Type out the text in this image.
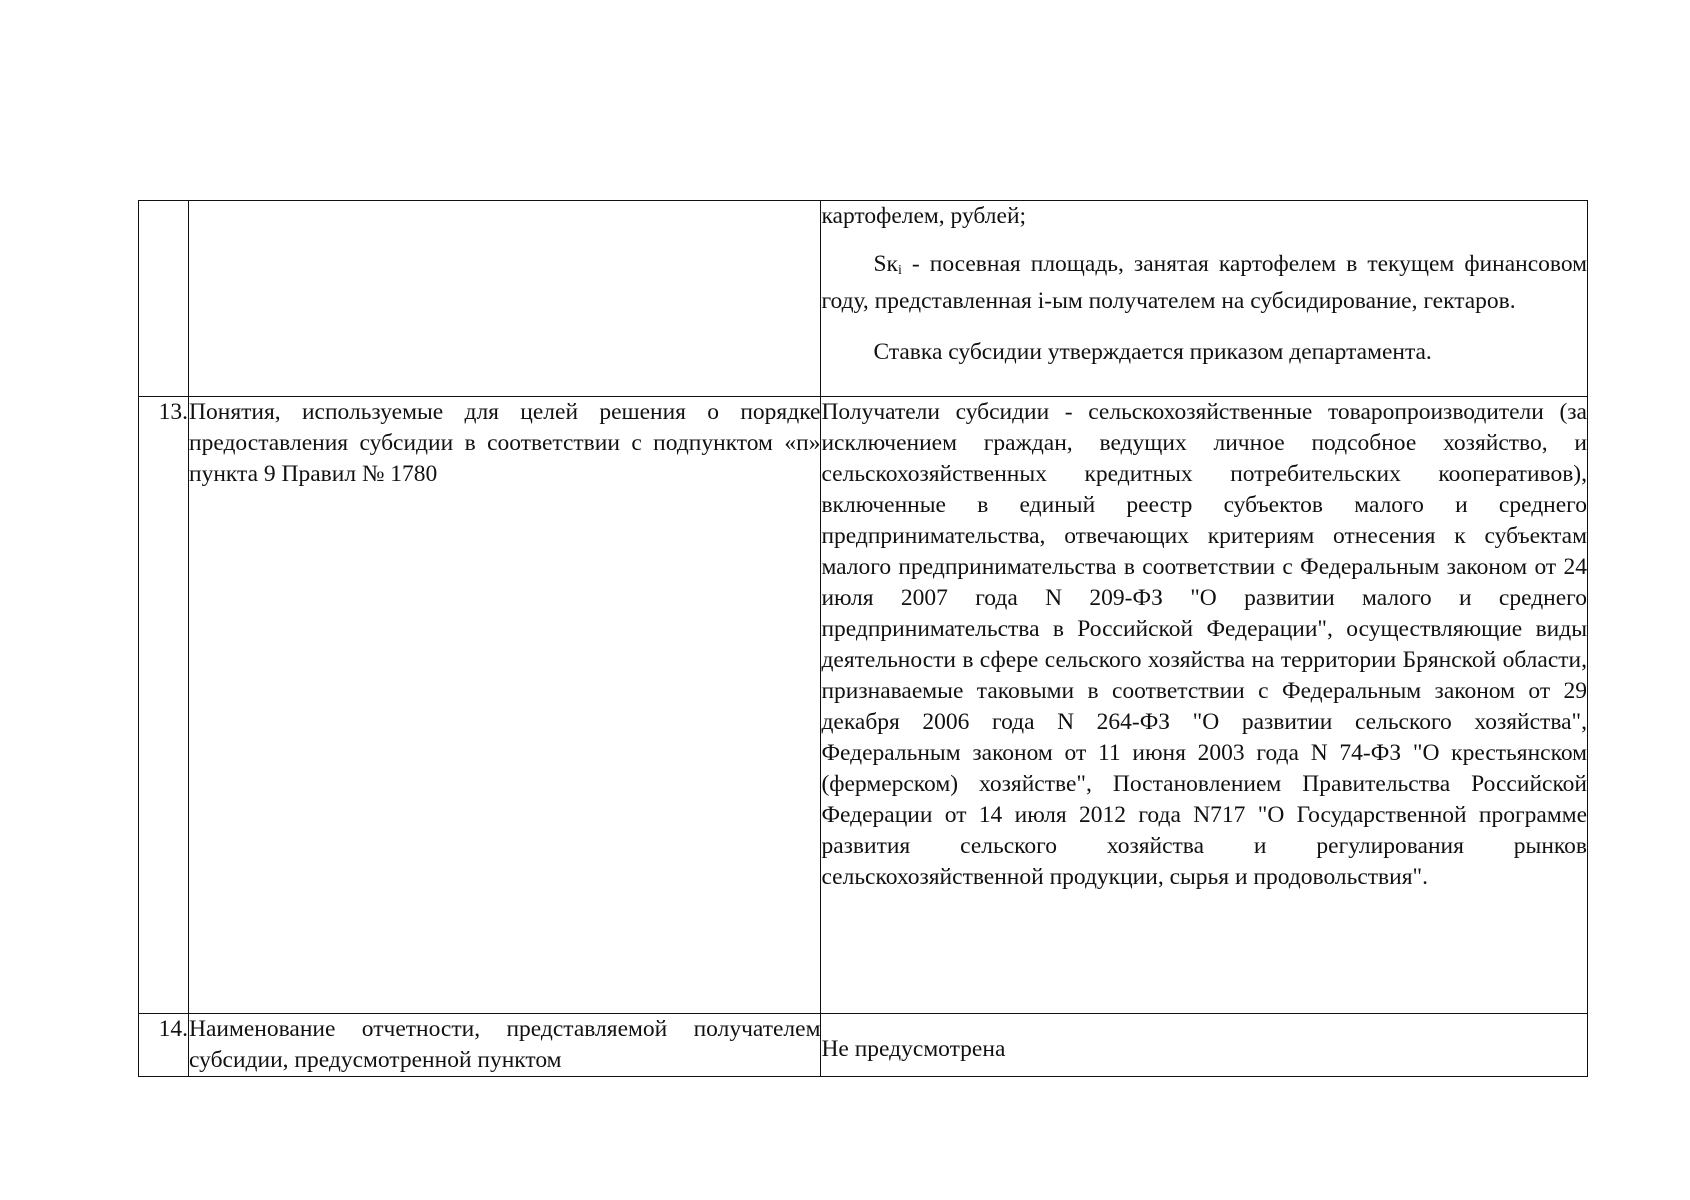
		картофелем, рублей;

$Sк_i$ - посевная площадь, занятая картофелем в текущем финансовом году, представленная i-ым получателем на субсидирование, гектаров.

Ставка субсидии утверждается приказом департамента.

13.	Понятия, используемые для целей решения о порядке предоставления субсидии в соответствии с подпунктом «п» пункта 9 Правил № 1780	Получатели субсидии - сельскохозяйственные товаропроизводители (за исключением граждан, ведущих личное подсобное хозяйство, и сельскохозяйственных кредитных потребительских кооперативов), включенные в единый реестр субъектов малого и среднего предпринимательства, отвечающих критериям отнесения к субъектам малого предпринимательства в соответствии с Федеральным законом от 24 июля 2007 года N 209-ФЗ "О развитии малого и среднего предпринимательства в Российской Федерации", осуществляющие виды деятельности в сфере сельского хозяйства на территории Брянской области, признаваемые таковыми в соответствии с Федеральным законом от 29 декабря 2006 года N 264-ФЗ "О развитии сельского хозяйства", Федеральным законом от 11 июня 2003 года N 74-ФЗ "О крестьянском (фермерском) хозяйстве", Постановлением Правительства Российской Федерации от 14 июля 2012 года N717 "О Государственной программе развития сельского хозяйства и регулирования рынков сельскохозяйственной продукции, сырья и продовольствия".

14.	Наименование отчетности, представляемой получателем субсидии, предусмотренной пунктом	Не предусмотрена
